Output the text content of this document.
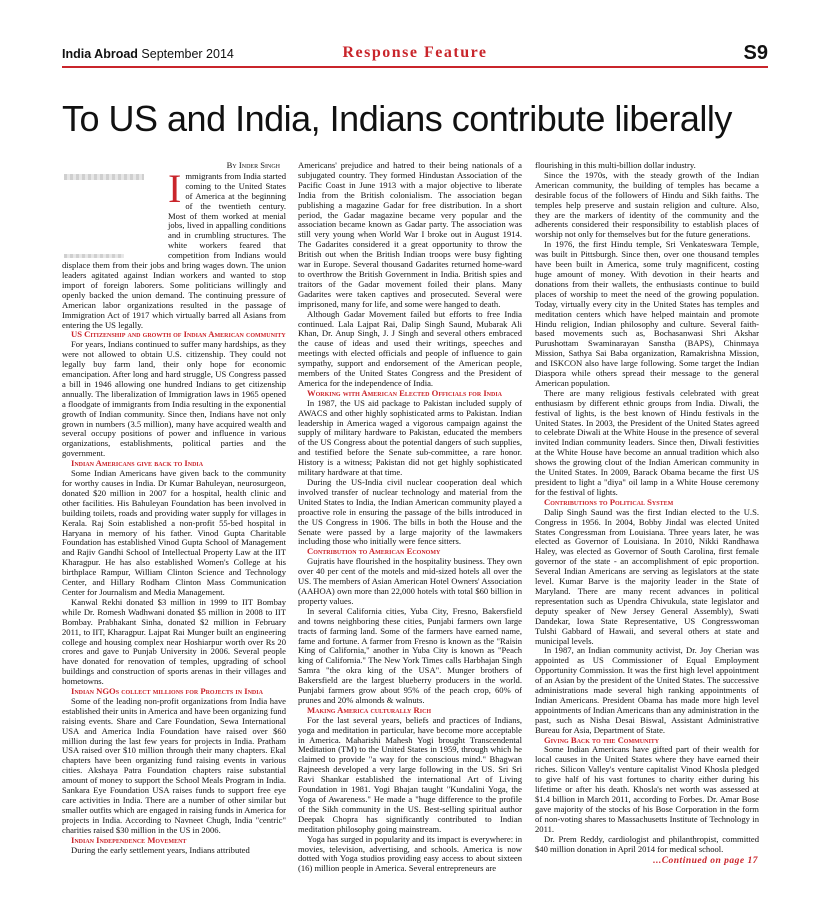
India Abroad September 2014	Response Feature	S9
To US and India, Indians contribute liberally
By Inder Singh
I mmigrants from India started coming to the United States of America at the beginning of the twentieth century. Most of them worked at menial jobs, lived in appalling conditions and in crumbling structures. The white workers feared that competition from Indians would displace them from their jobs and bring wages down. The union leaders agitated against Indian workers and wanted to stop import of foreign laborers. Some politicians willingly and openly backed the union demand. The continuing pressure of American labor organizations resulted in the passage of Immigration Act of 1917 which virtually barred all Asians from entering the US legally.

US Citizenship and growth of Indian American community

For years, Indians continued to suffer many hardships, as they were not allowed to obtain U.S. citizenship. They could not legally buy farm land, their only hope for economic emancipation. After long and hard struggle, US Congress passed a bill in 1946 allowing one hundred Indians to get citizenship annually. The liberalization of Immigration laws in 1965 opened a floodgate of immigrants from India resulting in the exponential growth of Indian community. Since then, Indians have not only grown in numbers (3.5 million), many have acquired wealth and several occupy positions of power and influence in various organizations, establishments, political parties and the government.

Indian Americans give back to India

Some Indian Americans have given back to the community for worthy causes in India. Dr Kumar Bahuleyan, neurosurgeon, donated $20 million in 2007 for a hospital, health clinic and other facilities. His Bahuleyan Foundation has been involved in building toilets, roads and providing water supply for villages in Kerala. Raj Soin established a non-profit 55-bed hospital in Haryana in memory of his father. Vinod Gupta Charitable Foundation has established Vinod Gupta School of Management and Rajiv Gandhi School of Intellectual Property Law at the IIT Kharagpur. He has also established Women's College at his birthplace Rampur, William Clinton Science and Technology Center, and Hillary Rodham Clinton Mass Communication Center for Journalism and Media Management.

Kanwal Rekhi donated $3 million in 1999 to IIT Bombay while Dr. Romesh Wadhwani donated $5 million in 2008 to IIT Bombay. Prabhakant Sinha, donated $2 million in February 2011, to IIT, Kharagpur. Lajpat Rai Munger built an engineering college and housing complex near Hoshiarpur worth over Rs 20 crores and gave to Punjab University in 2006. Several people have donated for renovation of temples, upgrading of school buildings and construction of sports arenas in their villages and hometowns.

Indian NGOs collect millions for Projects in India

Some of the leading non-profit organizations from India have established their units in America and have been organizing fund raising events. Share and Care Foundation, Sewa International USA and America India Foundation have raised over $60 million during the last few years for projects in India. Pratham USA raised over $10 million through their many chapters. Ekal chapters have been organizing fund raising events in various cities. Akshaya Patra Foundation chapters raise substantial amount of money to support the School Meals Program in India. Sankara Eye Foundation USA raises funds to support free eye care activities in India. There are a number of other similar but smaller outfits which are engaged in raising funds in America for projects in India. According to Navneet Chugh, India "centric" charities raised $30 million in the US in 2006.

Indian Independence Movement

During the early settlement years, Indians attributed

Americans' prejudice and hatred to their being nationals of a subjugated country. They formed Hindustan Association of the Pacific Coast in June 1913 with a major objective to liberate India from the British colonialism. The association began publishing a magazine Gadar for free distribution. In a short period, the Gadar magazine became very popular and the association became known as Gadar party. The association was still very young when World War I broke out in August 1914. The Gadarites considered it a great opportunity to throw the British out when the British Indian troops were busy fighting war in Europe. Several thousand Gadarites returned home-ward to overthrow the British Government in India. British spies and traitors of the Gadar movement foiled their plans. Many Gadarites were taken captives and prosecuted. Several were imprisoned, many for life, and some were hanged to death.

Although Gadar Movement failed but efforts to free India continued. Lala Lajpat Rai, Dalip Singh Saund, Mubarak Ali Khan, Dr. Anup Singh, J. J Singh and several others embraced the cause of ideas and used their writings, speeches and meetings with elected officials and people of influence to gain sympathy, support and endorsement of the American people, members of the United States Congress and the President of America for the independence of India.

Working with American Elected Officials for India

In 1987, the US aid package to Pakistan included supply of AWACS and other highly sophisticated arms to Pakistan. Indian leadership in America waged a vigorous campaign against the supply of military hardware to Pakistan, educated the members of the US Congress about the potential dangers of such supplies, and testified before the Senate sub-committee, a rare honor. History is a witness; Pakistan did not get highly sophisticated military hardware at that time.

During the US-India civil nuclear cooperation deal which involved transfer of nuclear technology and material from the United States to India, the Indian American community played a proactive role in ensuring the passage of the bills introduced in the US Congress in 1906. The bills in both the House and the Senate were passed by a large majority of the lawmakers including those who initially were fence sitters.

Contribution to American Economy

Gujratis have flourished in the hospitality business. They own over 40 per cent of the motels and mid-sized hotels all over the US. The members of Asian American Hotel Owners' Association (AAHOA) own more than 22,000 hotels with total $60 billion in property values.

In several California cities, Yuba City, Fresno, Bakersfield and towns neighboring these cities, Punjabi farmers own large tracts of farming land. Some of the farmers have earned name, fame and fortune. A farmer from Fresno is known as the "Raisin King of California," another in Yuba City is known as "Peach king of California." The New York Times calls Harbhajan Singh Samra "the okra king of the USA". Munger brothers of Bakersfield are the largest blueberry producers in the world. Punjabi farmers grow about 95% of the peach crop, 60% of prunes and 20% almonds & walnuts.

Making America culturally Rich

For the last several years, beliefs and practices of Indians, yoga and meditation in particular, have become more acceptable in America. Maharishi Mahesh Yogi brought Transcendental Meditation (TM) to the United States in 1959, through which he claimed to provide "a way for the conscious mind." Bhagwan Rajneesh developed a very large following in the US. Sri Sri Ravi Shankar established the international Art of Living Foundation in 1981. Yogi Bhajan taught "Kundalini Yoga, the Yoga of Awareness." He made a "huge difference to the profile of the Sikh community in the US. Best-selling spiritual author Deepak Chopra has significantly contributed to Indian meditation philosophy going mainstream.

Yoga has surged in popularity and its impact is everywhere: in movies, television, advertising, and schools. America is now dotted with Yoga studios providing easy access to about sixteen (16) million people in America. Several entrepreneurs are

flourishing in this multi-billion dollar industry.

Since the 1970s, with the steady growth of the Indian American community, the building of temples has became a desirable focus of the followers of Hindu and Sikh faiths. The temples help preserve and sustain religion and culture. Also, they are the markers of identity of the community and the adherents considered their responsibility to establish places of worship not only for themselves but for the future generations.

In 1976, the first Hindu temple, Sri Venkateswara Temple, was built in Pittsburgh. Since then, over one thousand temples have been built in America, some truly magnificent, costing huge amount of money. With devotion in their hearts and donations from their wallets, the enthusiasts continue to build places of worship to meet the need of the growing population. Today, virtually every city in the United States has temples and meditation centers which have helped maintain and promote Hindu religion, Indian philosophy and culture. Several faith-based movements such as, Bochasanwasi Shri Akshar Purushottam Swaminarayan Sanstha (BAPS), Chinmaya Mission, Sathya Sai Baba organization, Ramakrishna Mission, and ISKCON also have large following. Some target the Indian Diaspora while others spread their message to the general American population.

There are many religious festivals celebrated with great enthusiasm by different ethnic groups from India. Diwali, the festival of lights, is the best known of Hindu festivals in the United States. In 2003, the President of the United States agreed to celebrate Diwali at the White House in the presence of several invited Indian community leaders. Since then, Diwali festivities at the White House have become an annual tradition which also shows the growing clout of the Indian American community in the United States. In 2009, Barack Obama became the first US president to light a "diya" oil lamp in a White House ceremony for the festival of lights.

Contributions to Political System

Dalip Singh Saund was the first Indian elected to the U.S. Congress in 1956. In 2004, Bobby Jindal was elected United States Congressman from Louisiana. Three years later, he was elected as Governor of Louisiana. In 2010, Nikki Randhawa Haley, was elected as Governor of South Carolina, first female governor of the state - an accomplishment of epic proportion. Several Indian Americans are serving as legislators at the state level. Kumar Barve is the majority leader in the State of Maryland. There are many recent advances in political representation such as Upendra Chivukula, state legislator and deputy speaker of New Jersey General Assembly), Swati Dandekar, Iowa State Representative, US Congresswoman Tulshi Gabbard of Hawaii, and several others at state and municipal levels.

In 1987, an Indian community activist, Dr. Joy Cherian was appointed as US Commissioner of Equal Employment Opportunity Commission. It was the first high level appointment of an Asian by the president of the United States. The successive administrations made several high ranking appointments of Indian Americans. President Obama has made more high level appointments of Indian Americans than any administration in the past, such as Nisha Desai Biswal, Assistant Administrative Bureau for Asia, Department of State.

Giving Back to the Community

Some Indian Americans have gifted part of their wealth for local causes in the United States where they have earned their riches. Silicon Valley's venture capitalist Vinod Khosla pledged to give half of his vast fortunes to charity either during his lifetime or after his death. Khosla's net worth was assessed at $1.4 billion in March 2011, according to Forbes. Dr. Amar Bose gave majority of the stocks of his Bose Corporation in the form of non-voting shares to Massachusetts Institute of Technology in 2011.

Dr. Prem Reddy, cardiologist and philanthropist, committed $40 million donation in April 2014 for medical school.

...Continued on page 17
